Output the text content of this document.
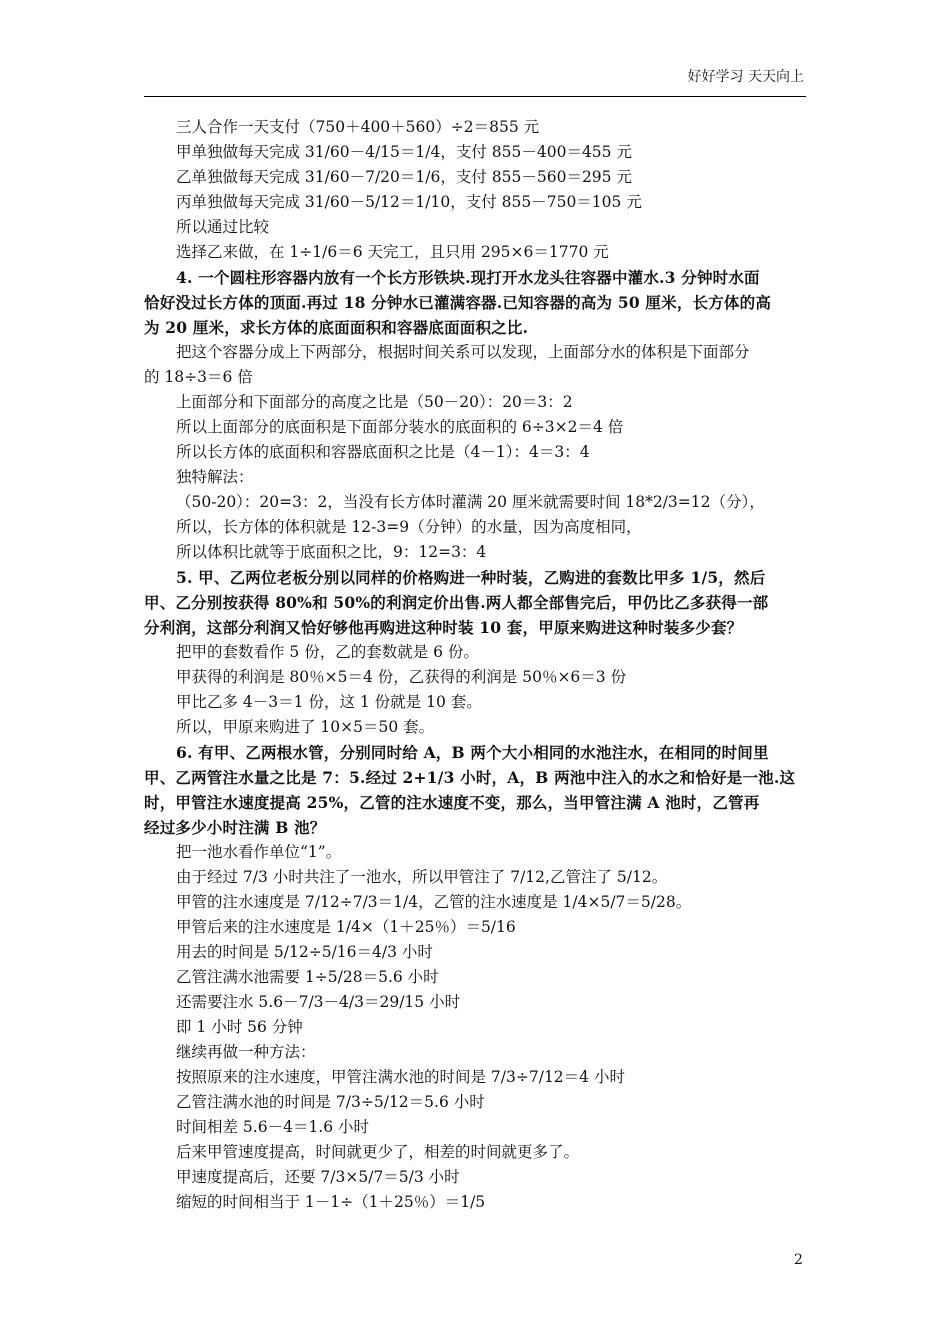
好好学习 天天向上

三人合作一天支付（750＋400＋560）÷2＝855 元

甲单独做每天完成 31/60－4/15＝1/4，支付 855－400＝455 元

乙单独做每天完成 31/60－7/20＝1/6，支付 855－560＝295 元

丙单独做每天完成 31/60－5/12＝1/10，支付 855－750＝105 元

所以通过比较

选择乙来做，在 1÷1/6＝6 天完工，且只用 295×6＝1770 元

4. 一个圆柱形容器内放有一个长方形铁块.现打开水龙头往容器中灌水.3 分钟时水面

恰好没过长方体的顶面.再过 18 分钟水已灌满容器.已知容器的高为 50 厘米，长方体的高

为 20 厘米，求长方体的底面面积和容器底面面积之比.

把这个容器分成上下两部分，根据时间关系可以发现，上面部分水的体积是下面部分

的 18÷3＝6 倍

上面部分和下面部分的高度之比是（50－20）：20＝3：2

所以上面部分的底面积是下面部分装水的底面积的 6÷3×2＝4 倍

所以长方体的底面积和容器底面积之比是（4－1）：4＝3：4

独特解法：

（50-20）：20=3：2，当没有长方体时灌满 20 厘米就需要时间 18*2/3=12（分），

所以，长方体的体积就是 12-3=9（分钟）的水量，因为高度相同，

所以体积比就等于底面积之比，9：12=3：4

5. 甲、乙两位老板分别以同样的价格购进一种时装，乙购进的套数比甲多 1/5，然后

甲、乙分别按获得 80%和 50%的利润定价出售.两人都全部售完后，甲仍比乙多获得一部

分利润，这部分利润又恰好够他再购进这种时装 10 套，甲原来购进这种时装多少套？

把甲的套数看作 5 份，乙的套数就是 6 份。

甲获得的利润是 80％×5＝4 份，乙获得的利润是 50％×6＝3 份

甲比乙多 4－3＝1 份，这 1 份就是 10 套。

所以，甲原来购进了 10×5＝50 套。

6. 有甲、乙两根水管，分别同时给 A，B 两个大小相同的水池注水，在相同的时间里

甲、乙两管注水量之比是 7：5.经过 2+1/3 小时，A，B 两池中注入的水之和恰好是一池.这

时，甲管注水速度提高 25%，乙管的注水速度不变，那么，当甲管注满 A 池时，乙管再

经过多少小时注满 B 池？

把一池水看作单位“1”。

由于经过 7/3 小时共注了一池水，所以甲管注了 7/12,乙管注了 5/12。

甲管的注水速度是 7/12÷7/3＝1/4，乙管的注水速度是 1/4×5/7＝5/28。

甲管后来的注水速度是 1/4×（1＋25％）＝5/16

用去的时间是 5/12÷5/16＝4/3 小时

乙管注满水池需要 1÷5/28＝5.6 小时

还需要注水 5.6－7/3－4/3＝29/15 小时

即 1 小时 56 分钟

继续再做一种方法：

按照原来的注水速度，甲管注满水池的时间是 7/3÷7/12＝4 小时

乙管注满水池的时间是 7/3÷5/12＝5.6 小时

时间相差 5.6－4＝1.6 小时

后来甲管速度提高，时间就更少了，相差的时间就更多了。

甲速度提高后，还要 7/3×5/7＝5/3 小时

缩短的时间相当于 1－1÷（1＋25％）＝1/5

2
